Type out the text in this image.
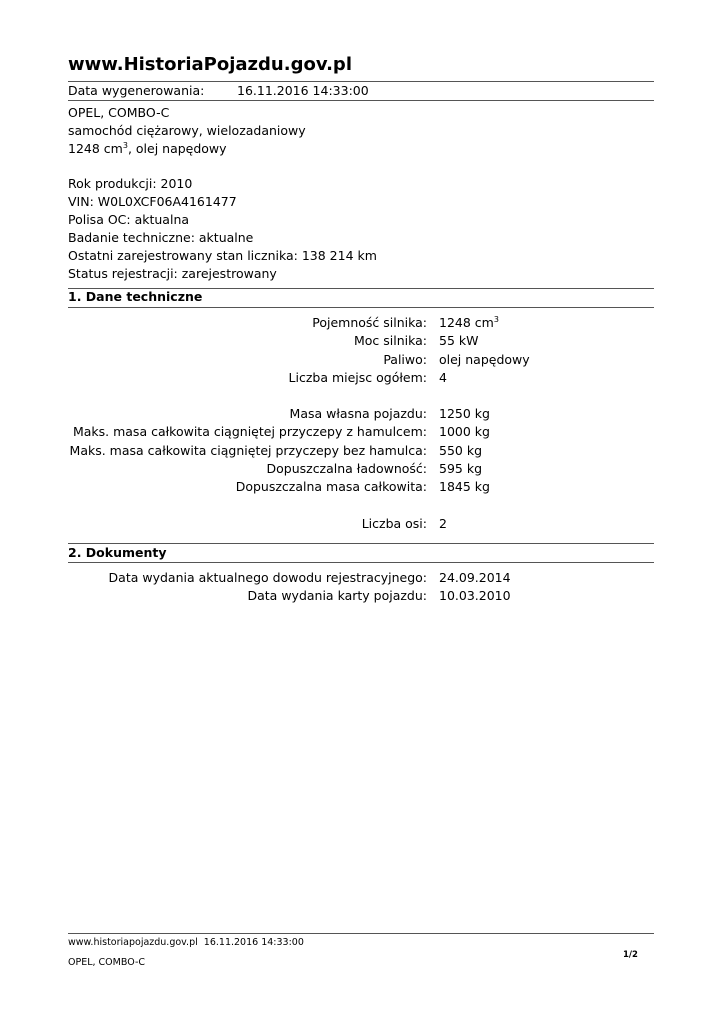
www.HistoriaPojazdu.gov.pl
Data wygenerowania:	16.11.2016 14:33:00
OPEL, COMBO-C
samochód ciężarowy, wielozadaniowy
1248 $cm^3$, olej napędowy
Rok produkcji: 2010
VIN: W0L0XCF06A4161477
Polisa OC: aktualna
Badanie techniczne: aktualne
Ostatni zarejestrowany stan licznika: 138 214 km
Status rejestracji: zarejestrowany
1. Dane techniczne
Pojemność silnika: 1248 $cm^3$
Moc silnika: 55 kW
Paliwo: olej napędowy
Liczba miejsc ogółem: 4
Masa własna pojazdu: 1250 kg
Maks. masa całkowita ciągniętej przyczepy z hamulcem: 1000 kg
Maks. masa całkowita ciągniętej przyczepy bez hamulca: 550 kg
Dopuszczalna ładowność: 595 kg
Dopuszczalna masa całkowita: 1845 kg
Liczba osi: 2
2. Dokumenty
Data wydania aktualnego dowodu rejestracyjnego: 24.09.2014
Data wydania karty pojazdu: 10.03.2010
www.historiapojazdu.gov.pl  16.11.2016 14:33:00
OPEL, COMBO-C
1/2
